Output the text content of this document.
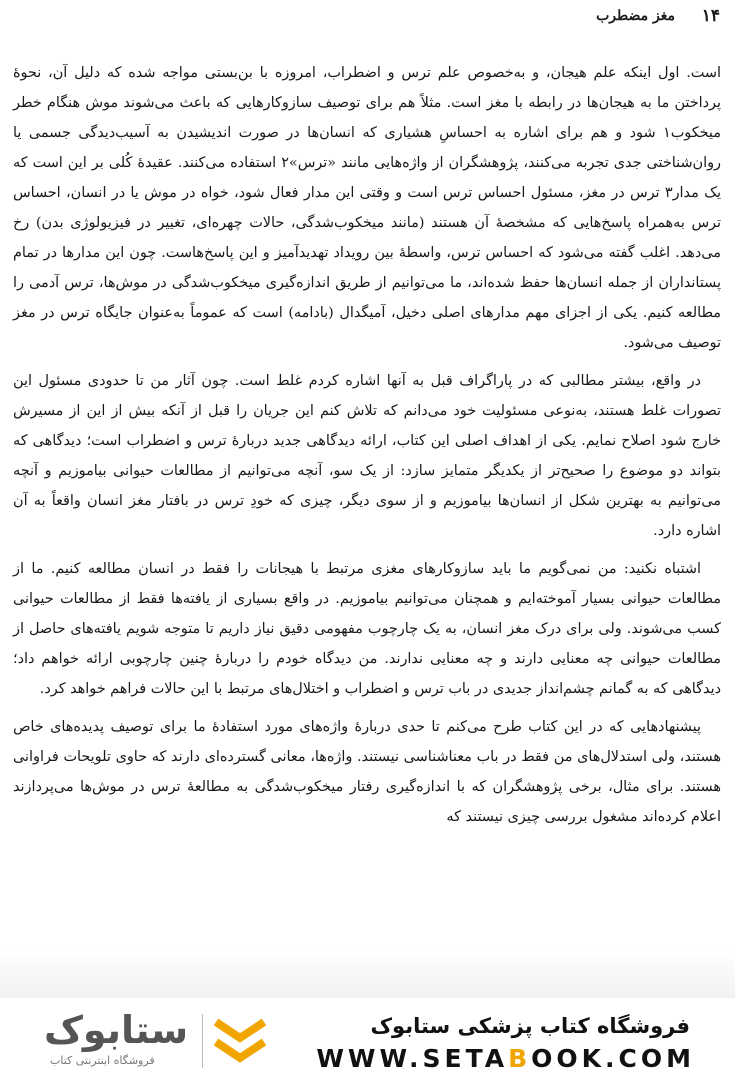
۱۴
مغز مضطرب

است. اول اینکه علم هیجان، و به‌خصوص علم ترس و اضطراب، امروزه با بن‌بستی مواجه شده که دلیل آن، نحوهٔ پرداختن ما به هیجان‌ها در رابطه با مغز است. مثلاً هم برای توصیف سازوکارهایی که باعث می‌شوند موش هنگام خطر میخکوب۱ شود و هم برای اشاره به احساسِ هشیاری که انسان‌ها در صورت اندیشیدن به آسیب‌دیدگی جسمی یا روان‌شناختی جدی تجربه می‌کنند، پژوهشگران از واژه‌هایی مانند «ترس»۲ استفاده می‌کنند. عقیدهٔ کُلی بر این است که یک مدار۳ ترس در مغز، مسئول احساس ترس است و وقتی این مدار فعال شود، خواه در موش یا در انسان، احساس ترس به‌همراه پاسخ‌هایی که مشخصهٔ آن هستند (مانند میخکوب‌شدگی، حالات چهره‌ای، تغییر در فیزیولوژی بدن) رخ می‌دهد. اغلب گفته می‌شود که احساس ترس، واسطهٔ بین رویداد تهدیدآمیز و این پاسخ‌هاست. چون این مدارها در تمام پستانداران از جمله انسان‌ها حفظ شده‌اند، ما می‌توانیم از طریق اندازه‌گیری میخکوب‌شدگی در موش‌ها، ترس آدمی را مطالعه کنیم. یکی از اجزای مهم مدارهای اصلی دخیل، آمیگدال (بادامه) است که عموماً به‌عنوان جایگاه ترس در مغز توصیف می‌شود.

در واقع، بیشتر مطالبی که در پاراگراف قبل به آنها اشاره کردم غلط است. چون آثار من تا حدودی مسئول این تصورات غلط هستند، به‌نوعی مسئولیت خود می‌دانم که تلاش کنم این جریان را قبل از آنکه بیش از این از مسیرش خارج شود اصلاح نمایم. یکی از اهداف اصلی این کتاب، ارائه دیدگاهی جدید دربارهٔ ترس و اضطراب است؛ دیدگاهی که بتواند دو موضوع را صحیح‌تر از یکدیگر متمایز سازد: از یک سو، آنچه می‌توانیم از مطالعات حیوانی بیاموزیم و آنچه می‌توانیم به بهترین شکل از انسان‌ها بیاموزیم و از سوی دیگر، چیزی که خودِ ترس در بافتار مغز انسان واقعاً به آن اشاره دارد.

اشتباه نکنید: من نمی‌گویم ما باید سازوکارهای مغزی مرتبط با هیجانات را فقط در انسان مطالعه کنیم. ما از مطالعات حیوانی بسیار آموخته‌ایم و همچنان می‌توانیم بیاموزیم. در واقع بسیاری از یافته‌ها فقط از مطالعات حیوانی کسب می‌شوند. ولی برای درک مغز انسان، به یک چارچوب مفهومی دقیق نیاز داریم تا متوجه شویم یافته‌های حاصل از مطالعات حیوانی چه معنایی دارند و چه معنایی ندارند. من دیدگاه خودم را دربارهٔ چنین چارچوبی ارائه خواهم داد؛ دیدگاهی که به گمانم چشم‌انداز جدیدی در باب ترس و اضطراب و اختلال‌های مرتبط با این حالات فراهم خواهد کرد.

پیشنهادهایی که در این کتاب طرح می‌کنم تا حدی دربارهٔ واژه‌های مورد استفادهٔ ما برای توصیف پدیده‌های خاص هستند، ولی استدلال‌های من فقط در باب معناشناسی نیستند. واژه‌ها، معانی گسترده‌ای دارند که حاوی تلویحات فراوانی هستند. برای مثال، برخی پژوهشگران که با اندازه‌گیری رفتار میخکوب‌شدگی به مطالعهٔ ترس در موش‌ها می‌پردازند اعلام کرده‌اند مشغول بررسی چیزی نیستند که

ستابوک
فروشگاه اینترنتی کتاب
فروشگاه کتاب پزشکی ستابوک
WWW.SETABOOK.COM
